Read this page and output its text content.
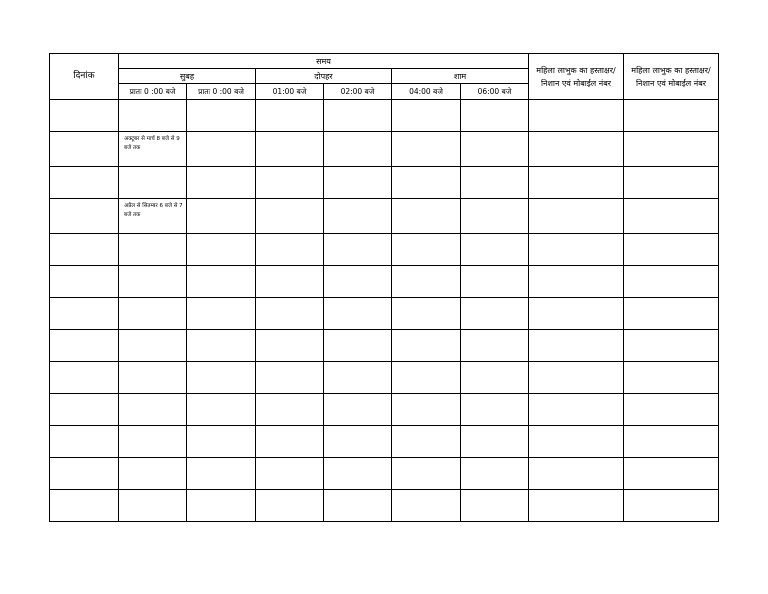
दिनांक	समय						महिला लाभुक का हस्ताक्षर/निशान एवं मोबाईल नंबर	महिला लाभुक का हस्ताक्षर/निशान एवं मोबाईल नंबर
	सुबह		दोपहर		शाम			
	प्रातः 0 :00 बजे	प्रातः 0 :00 बजे	01:00 बजे	02:00 बजे	04:00 बजे	06:00 बजे		

	अक्टूबर से मार्च 8 बजे से 9 बजे तक							

	अप्रैल से सितम्बर 6 बजे से 7 बजे तक							
